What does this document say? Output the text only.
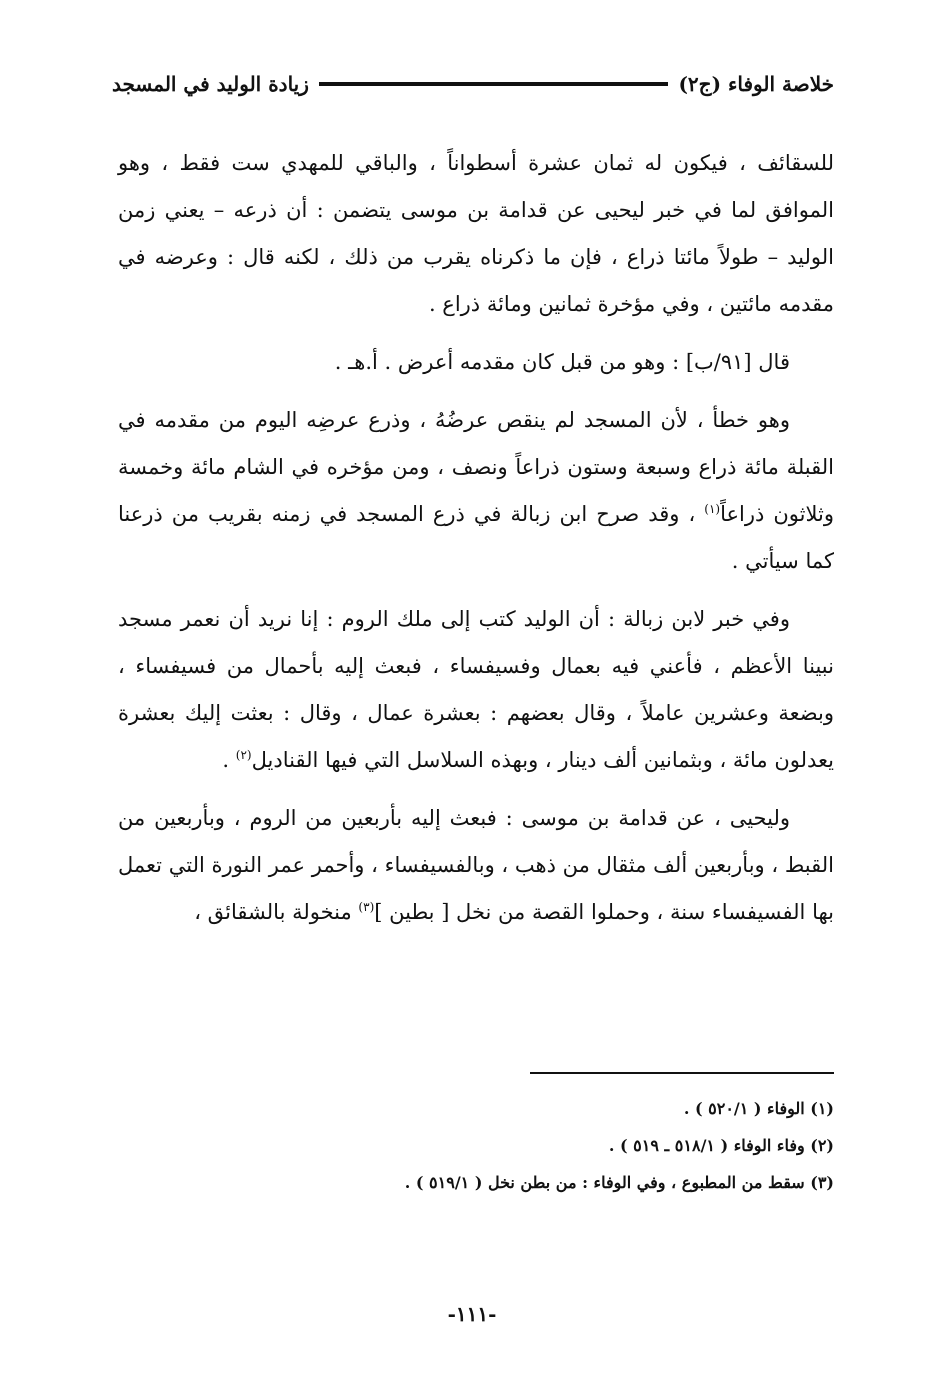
خلاصة الوفاء (ج٢)
زيادة الوليد في المسجد

للسقائف ، فيكون له ثمان عشرة أسطواناً ، والباقي للمهدي ست فقط ، وهو الموافق لما في خبر ليحيى عن قدامة بن موسى يتضمن : أن ذرعه – يعني زمن الوليد – طولاً مائتا ذراع ، فإن ما ذكرناه يقرب من ذلك ، لكنه قال : وعرضه في مقدمه مائتين ، وفي مؤخرة ثمانين ومائة ذراع .

قال [٩١/ب] : وهو من قبل كان مقدمه أعرض . أ.هـ .

وهو خطأ ، لأن المسجد لم ينقص عرضُهُ ، وذرع عرضِه اليوم من مقدمه في القبلة مائة ذراع وسبعة وستون ذراعاً ونصف ، ومن مؤخره في الشام مائة وخمسة وثلاثون ذراعاً$^{(١)}$ ، وقد صرح ابن زبالة في ذرع المسجد في زمنه بقريب من ذرعنا كما سيأتي .

وفي خبر لابن زبالة : أن الوليد كتب إلى ملك الروم : إنا نريد أن نعمر مسجد نبينا الأعظم ، فأعني فيه بعمال وفسيفساء ، فبعث إليه بأحمال من فسيفساء ، وبضعة وعشرين عاملاً ، وقال بعضهم : بعشرة عمال ، وقال : بعثت إليك بعشرة يعدلون مائة ، وبثمانين ألف دينار ، وبهذه السلاسل التي فيها القناديل$^{(٢)}$ .

وليحيى ، عن قدامة بن موسى : فبعث إليه بأربعين من الروم ، وبأربعين من القبط ، وبأربعين ألف مثقال من ذهب ، وبالفسيفساء ، وأحمر عمر النورة التي تعمل بها الفسيفساء سنة ، وحملوا القصة من نخل [ بطين ]$^{(٣)}$ منخولة بالشقائق ،

(١) الوفاء ( ٥٢٠/١ ) .
(٢) وفاء الوفاء ( ٥١٨/١ ـ ٥١٩ ) .
(٣) سقط من المطبوع ، وفي الوفاء : من بطن نخل ( ٥١٩/١ ) .
-١١١-
